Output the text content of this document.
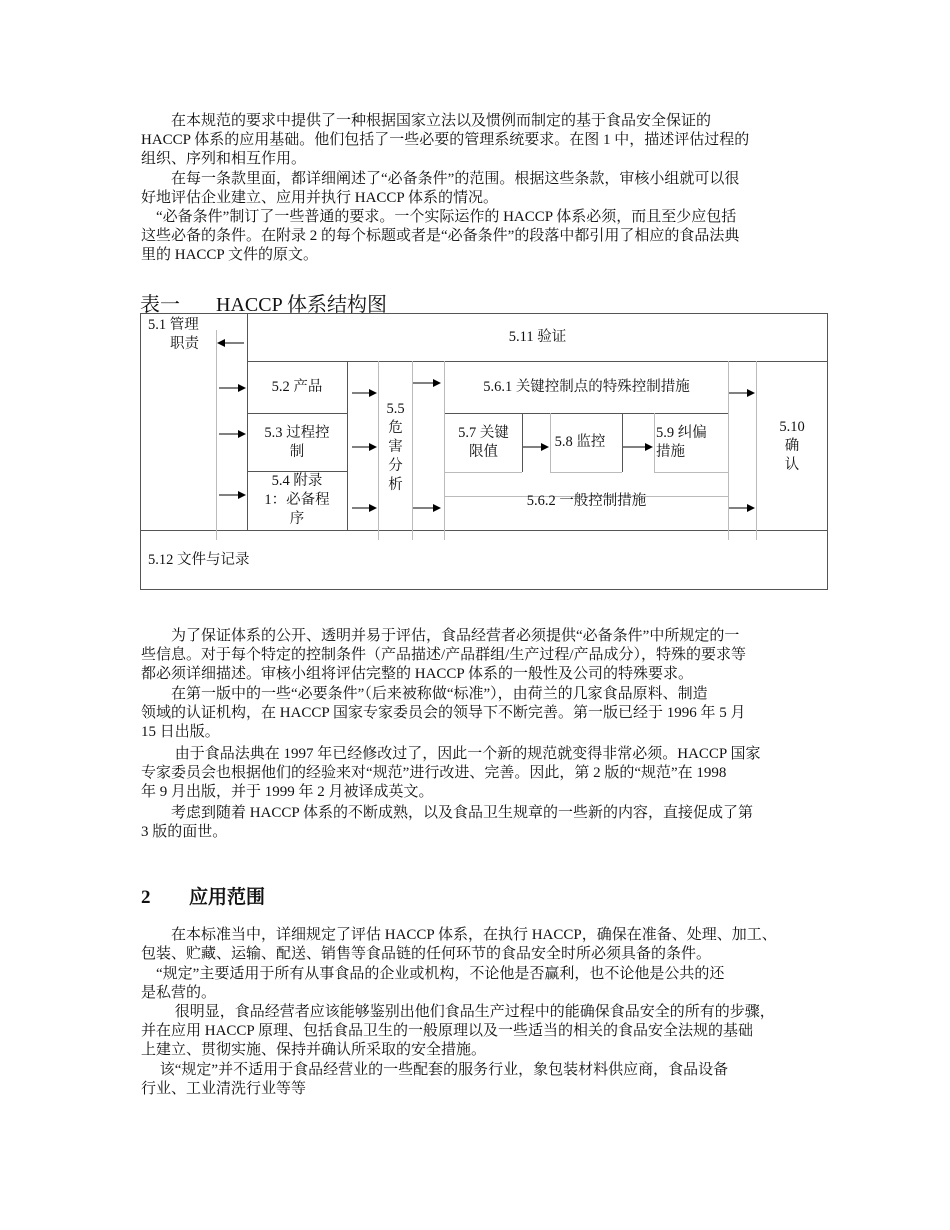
　　在本规范的要求中提供了一种根据国家立法以及惯例而制定的基于食品安全保证的
HACCP 体系的应用基础。他们包括了一些必要的管理系统要求。在图 1 中，描述评估过程的
组织、序列和相互作用。
　　在每一条款里面，都详细阐述了“必备条件”的范围。根据这些条款，审核小组就可以很
好地评估企业建立、应用并执行 HACCP 体系的情况。
　“必备条件”制订了一些普通的要求。一个实际运作的 HACCP 体系必须，而且至少应包括
这些必备的条件。在附录 2 的每个标题或者是“必备条件”的段落中都引用了相应的食品法典
里的 HACCP 文件的原文。
表一 HACCP 体系结构图
5.1 管理
职责	5.11 验证
5.2 产品
5.3 过程控
制
5.4 附录
1：必备程
序
5.5
危
害
分
析
5.6.1 关键控制点的特殊控制措施
5.7 关键
限值
5.8 监控
5.9 纠偏
措施
5.6.2 一般控制措施
5.10
确
认
5.12 文件与记录
　　为了保证体系的公开、透明并易于评估，食品经营者必须提供“必备条件”中所规定的一
些信息。对于每个特定的控制条件（产品描述/产品群组/生产过程/产品成分），特殊的要求等
都必须详细描述。审核小组将评估完整的 HACCP 体系的一般性及公司的特殊要求。
　　在第一版中的一些“必要条件”（后来被称做“标准”），由荷兰的几家食品原料、制造
领域的认证机构，在 HACCP 国家专家委员会的领导下不断完善。第一版已经于 1996 年 5 月
15 日出版。
　　 由于食品法典在 1997 年已经修改过了，因此一个新的规范就变得非常必须。HACCP 国家
专家委员会也根据他们的经验来对“规范”进行改进、完善。因此，第 2 版的“规范”在 1998
年 9 月出版，并于 1999 年 2 月被译成英文。
　　考虑到随着 HACCP 体系的不断成熟，以及食品卫生规章的一些新的内容，直接促成了第
3 版的面世。
2 应用范围
　　在本标准当中，详细规定了评估 HACCP 体系，在执行 HACCP，确保在准备、处理、加工、
包装、贮藏、运输、配送、销售等食品链的任何环节的食品安全时所必须具备的条件。
　“规定”主要适用于所有从事食品的企业或机构，不论他是否赢利，也不论他是公共的还
是私营的。
　　 很明显，食品经营者应该能够鉴别出他们食品生产过程中的能确保食品安全的所有的步骤，
并在应用 HACCP 原理、包括食品卫生的一般原理以及一些适当的相关的食品安全法规的基础
上建立、贯彻实施、保持并确认所采取的安全措施。
　 该“规定”并不适用于食品经营业的一些配套的服务行业，象包装材料供应商，食品设备
行业、工业清洗行业等等
